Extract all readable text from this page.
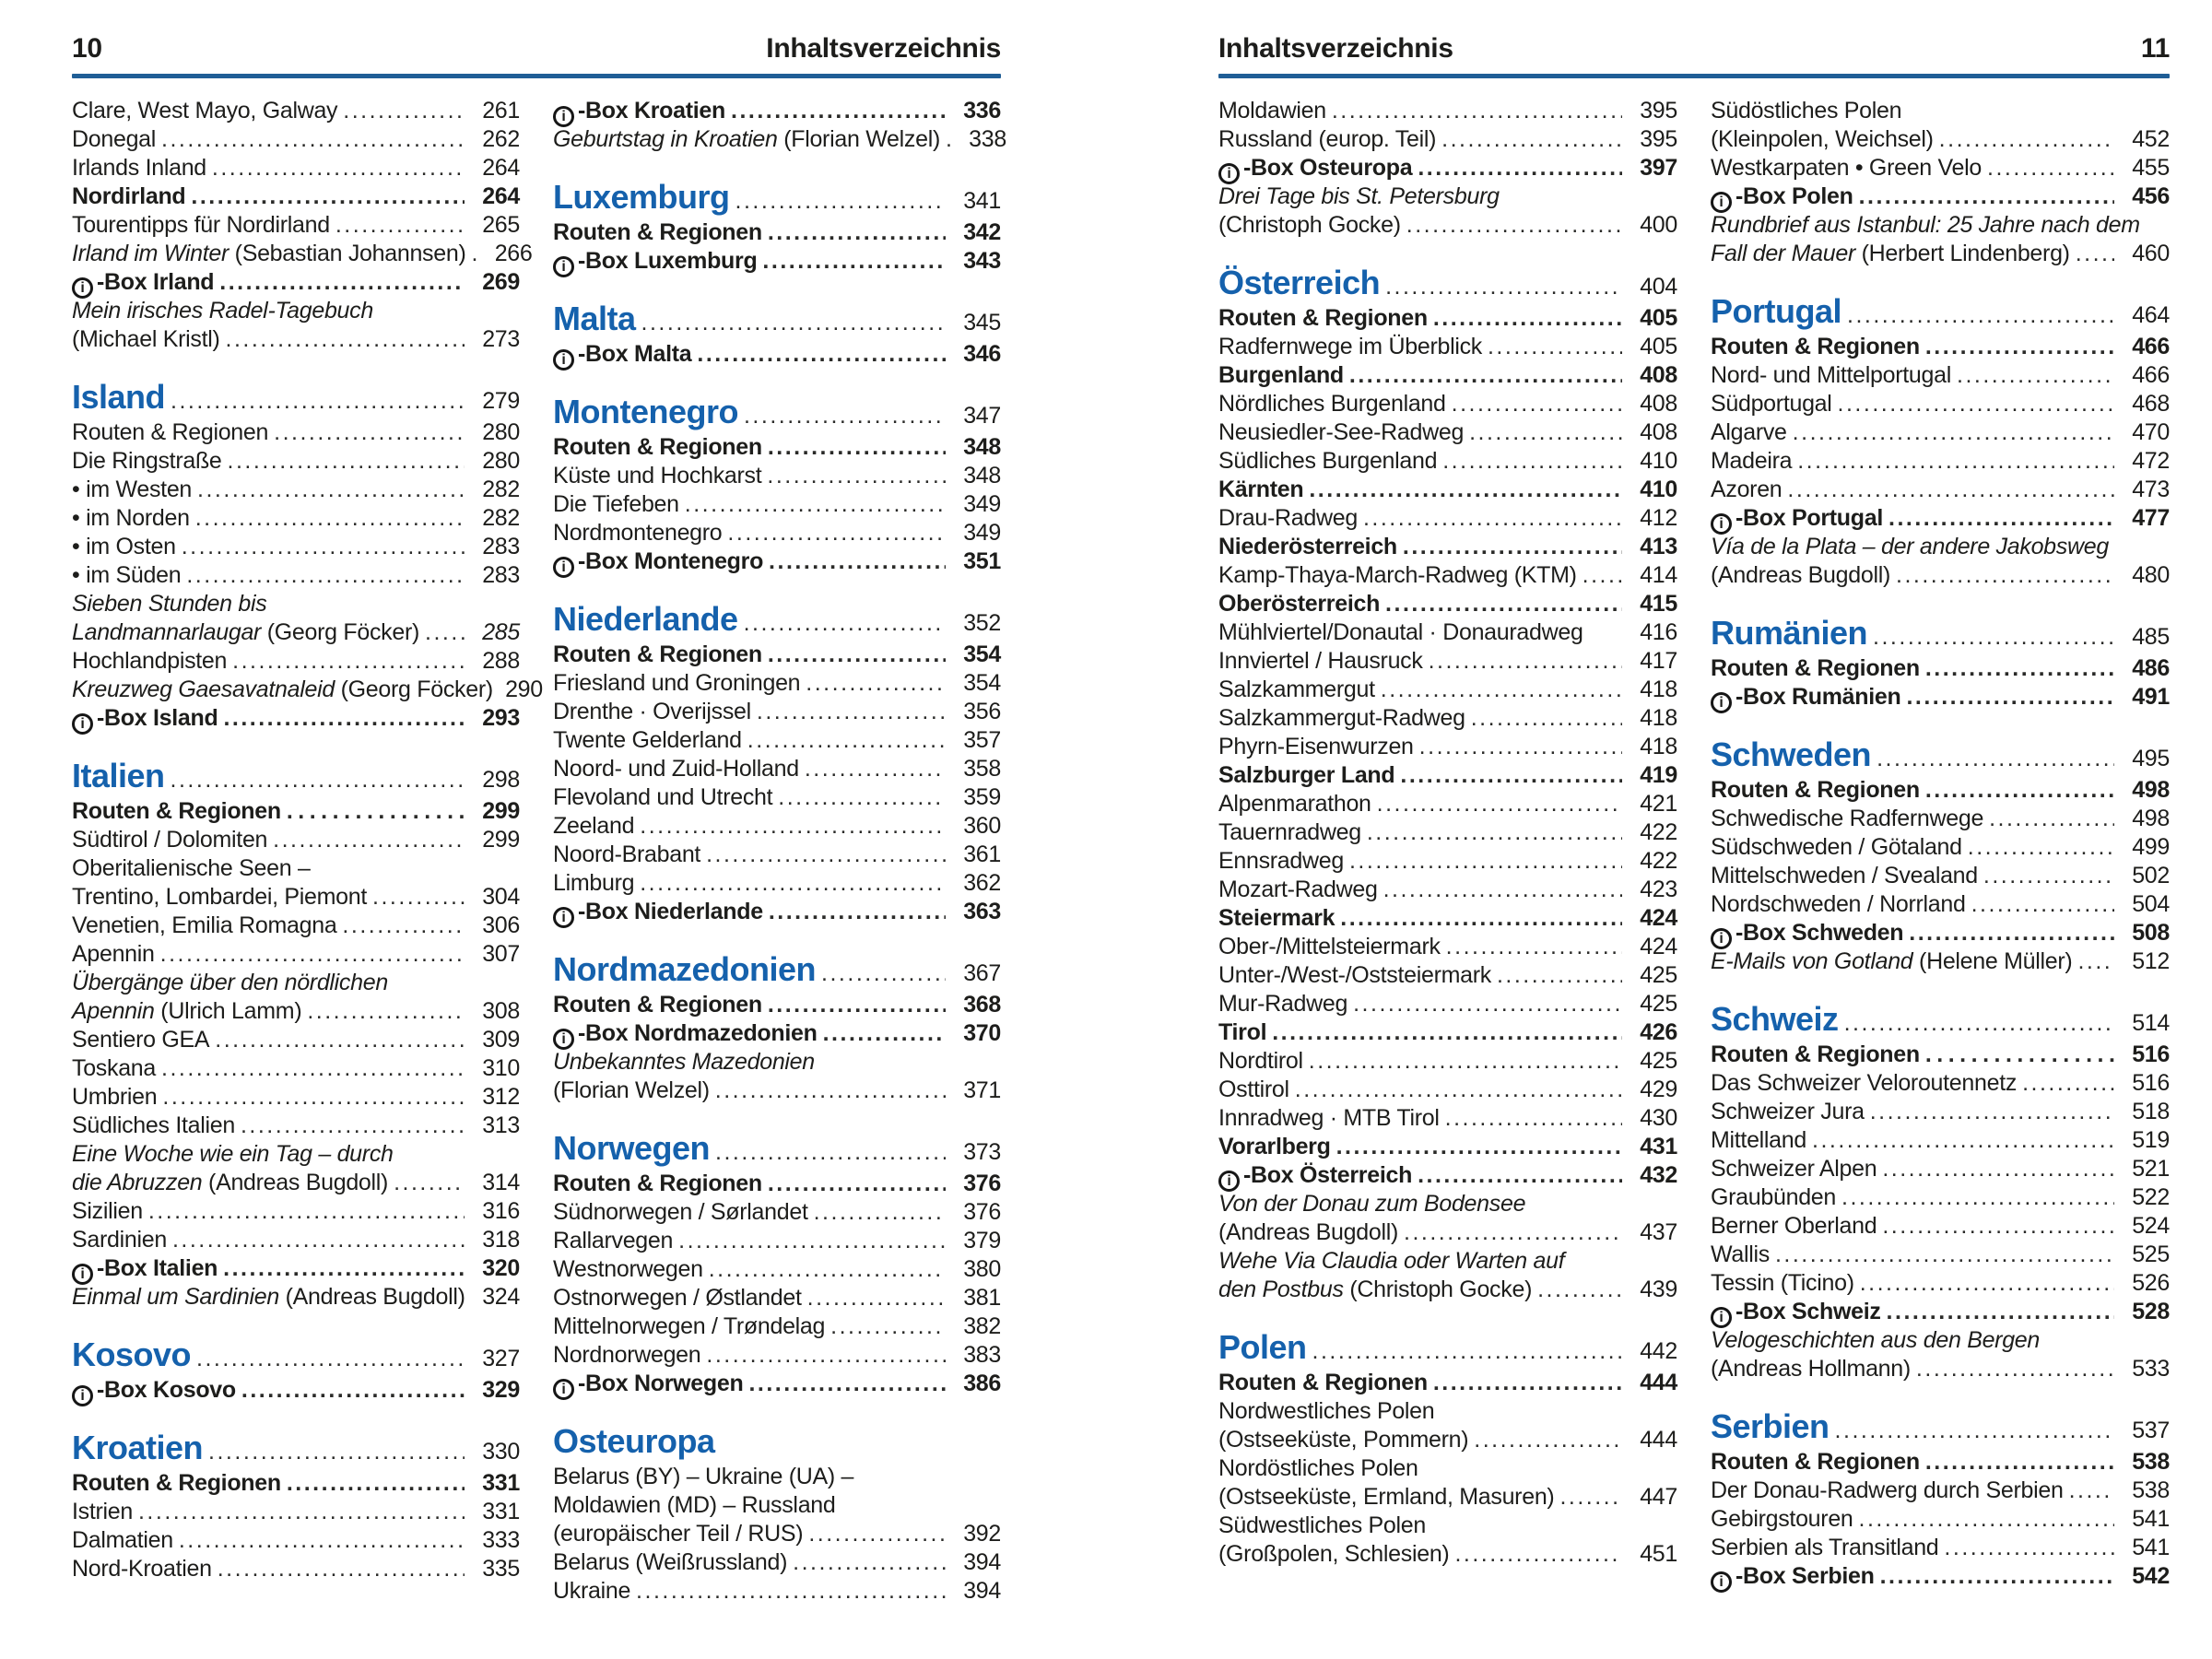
10	Inhaltsverzeichnis
Clare, West Mayo, Galway .....	261
Donegal .....	262
Irlands Inland .....	264
Nordirland .....	264
Tourentipps für Nordirland .....	265
Irland im Winter (Sebastian Johannsen) .....	266
i -Box Irland .....	269
Mein irisches Radel-Tagebuch
(Michael Kristl) .....	273
Island .....	279
Routen & Regionen .....	280
Die Ringstraße .....	280
• im Westen .....	282
• im Norden .....	282
• im Osten .....	283
• im Süden .....	283
Sieben Stunden bis
Landmannarlaugar (Georg Föcker) .....	285
Hochlandpisten .....	288
Kreuzweg Gaesavatnaleid (Georg Föcker) 290
i -Box Island .....	293
Italien .....	298
Routen & Regionen .....	299
Südtirol / Dolomiten .....	299
Oberitalienische Seen –
Trentino, Lombardei, Piemont .....	304
Venetien, Emilia Romagna .....	306
Apennin .....	307
Übergänge über den nördlichen
Apennin (Ulrich Lamm) .....	308
Sentiero GEA .....	309
Toskana .....	310
Umbrien .....	312
Südliches Italien .....	313
Eine Woche wie ein Tag – durch
die Abruzzen (Andreas Bugdoll) .....	314
Sizilien .....	316
Sardinien .....	318
i -Box Italien .....	320
Einmal um Sardinien (Andreas Bugdoll) 324
Kosovo .....	327
i -Box Kosovo .....	329
Kroatien .....	330
Routen & Regionen .....	331
Istrien .....	331
Dalmatien .....	333
Nord-Kroatien .....	335
i -Box Kroatien .....	336
Geburtstag in Kroatien (Florian Welzel) .....	338
Luxemburg .....	341
Routen & Regionen .....	342
i -Box Luxemburg .....	343
Malta .....	345
i -Box Malta .....	346
Montenegro .....	347
Routen & Regionen .....	348
Küste und Hochkarst .....	348
Die Tiefeben .....	349
Nordmontenegro .....	349
i -Box Montenegro .....	351
Niederlande .....	352
Routen & Regionen .....	354
Friesland und Groningen .....	354
Drenthe · Overijssel .....	356
Twente Gelderland .....	357
Noord- und Zuid-Holland .....	358
Flevoland und Utrecht .....	359
Zeeland .....	360
Noord-Brabant .....	361
Limburg .....	362
i -Box Niederlande .....	363
Nordmazedonien .....	367
Routen & Regionen .....	368
i -Box Nordmazedonien .....	370
Unbekanntes Mazedonien
(Florian Welzel) .....	371
Norwegen .....	373
Routen & Regionen .....	376
Südnorwegen / Sørlandet .....	376
Rallarvegen .....	379
Westnorwegen .....	380
Ostnorwegen / Østlandet .....	381
Mittelnorwegen / Trøndelag .....	382
Nordnorwegen .....	383
i -Box Norwegen .....	386
Osteuropa
Belarus (BY) – Ukraine (UA) –
Moldawien (MD) – Russland
(europäischer Teil / RUS) .....	392
Belarus (Weißrussland) .....	394
Ukraine .....	394
Inhaltsverzeichnis	11
Moldawien .....	395
Russland (europ. Teil) .....	395
i -Box Osteuropa .....	397
Drei Tage bis St. Petersburg
(Christoph Gocke) .....	400
Österreich .....	404
Routen & Regionen .....	405
Radfernwege im Überblick .....	405
Burgenland .....	408
Nördliches Burgenland .....	408
Neusiedler-See-Radweg .....	408
Südliches Burgenland .....	410
Kärnten .....	410
Drau-Radweg .....	412
Niederösterreich .....	413
Kamp-Thaya-March-Radweg (KTM) .....	414
Oberösterreich .....	415
Mühlviertel/Donautal · Donauradweg	416
Innviertel / Hausruck .....	417
Salzkammergut .....	418
Salzkammergut-Radweg .....	418
Phyrn-Eisenwurzen .....	418
Salzburger Land .....	419
Alpenmarathon .....	421
Tauernradweg .....	422
Ennsradweg .....	422
Mozart-Radweg .....	423
Steiermark .....	424
Ober-/Mittelsteiermark .....	424
Unter-/West-/Oststeiermark .....	425
Mur-Radweg .....	425
Tirol .....	426
Nordtirol .....	425
Osttirol .....	429
Innradweg · MTB Tirol .....	430
Vorarlberg .....	431
i -Box Österreich .....	432
Von der Donau zum Bodensee
(Andreas Bugdoll) .....	437
Wehe Via Claudia oder Warten auf
den Postbus (Christoph Gocke) .....	439
Polen .....	442
Routen & Regionen .....	444
Nordwestliches Polen
(Ostseeküste, Pommern) .....	444
Nordöstliches Polen
(Ostseeküste, Ermland, Masuren) .....	447
Südwestliches Polen
(Großpolen, Schlesien) .....	451
Südöstliches Polen
(Kleinpolen, Weichsel) .....	452
Westkarpaten • Green Velo .....	455
i -Box Polen .....	456
Rundbrief aus Istanbul: 25 Jahre nach dem
Fall der Mauer (Herbert Lindenberg) .....	460
Portugal .....	464
Routen & Regionen .....	466
Nord- und Mittelportugal .....	466
Südportugal .....	468
Algarve .....	470
Madeira .....	472
Azoren .....	473
i -Box Portugal .....	477
Vía de la Plata – der andere Jakobsweg
(Andreas Bugdoll) .....	480
Rumänien .....	485
Routen & Regionen .....	486
i -Box Rumänien .....	491
Schweden .....	495
Routen & Regionen .....	498
Schwedische Radfernwege .....	498
Südschweden / Götaland .....	499
Mittelschweden / Svealand .....	502
Nordschweden / Norrland .....	504
i -Box Schweden .....	508
E-Mails von Gotland (Helene Müller) .....	512
Schweiz .....	514
Routen & Regionen .....	516
Das Schweizer Veloroutennetz .....	516
Schweizer Jura .....	518
Mittelland .....	519
Schweizer Alpen .....	521
Graubünden .....	522
Berner Oberland .....	524
Wallis .....	525
Tessin (Ticino) .....	526
i -Box Schweiz .....	528
Velogeschichten aus den Bergen
(Andreas Hollmann) .....	533
Serbien .....	537
Routen & Regionen .....	538
Der Donau-Radwerg durch Serbien .....	538
Gebirgstouren .....	541
Serbien als Transitland .....	541
i -Box Serbien .....	542
